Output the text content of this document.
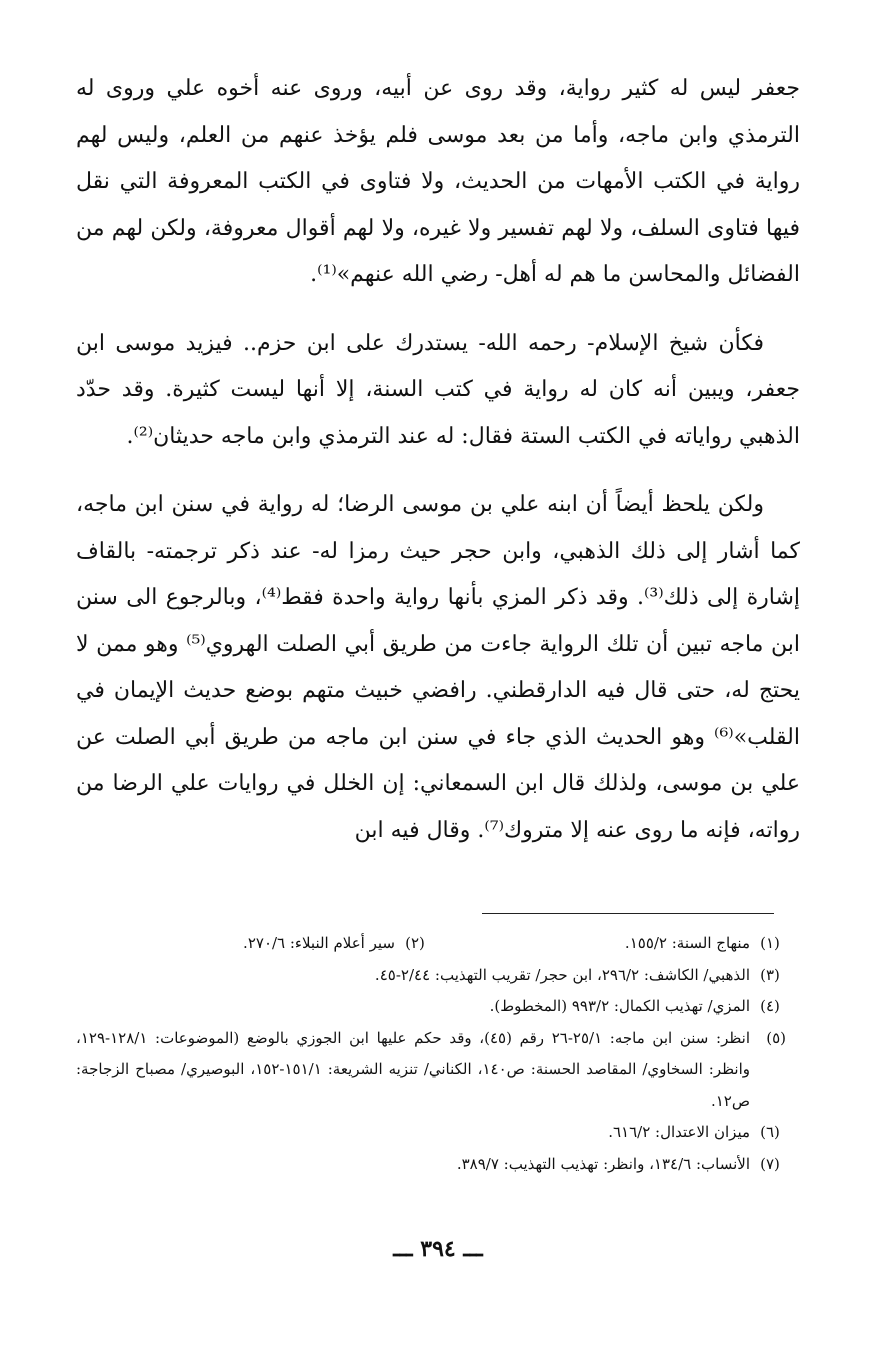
جعفر ليس له كثير رواية، وقد روى عن أبيه، وروى عنه أخوه علي وروى له الترمذي وابن ماجه، وأما من بعد موسى فلم يؤخذ عنهم من العلم، وليس لهم رواية في الكتب الأمهات من الحديث، ولا فتاوى في الكتب المعروفة التي نقل فيها فتاوى السلف، ولا لهم تفسير ولا غيره، ولا لهم أقوال معروفة، ولكن لهم من الفضائل والمحاسن ما هم له أهل- رضي الله عنهم»⁽¹⁾.

فكأن شيخ الإسلام- رحمه الله- يستدرك على ابن حزم.. فيزيد موسى ابن جعفر، ويبين أنه كان له رواية في كتب السنة، إلا أنها ليست كثيرة. وقد حدّد الذهبي رواياته في الكتب الستة فقال: له عند الترمذي وابن ماجه حديثان⁽²⁾.

ولكن يلحظ أيضاً أن ابنه علي بن موسى الرضا؛ له رواية في سنن ابن ماجه، كما أشار إلى ذلك الذهبي، وابن حجر حيث رمزا له- عند ذكر ترجمته- بالقاف إشارة إلى ذلك⁽³⁾. وقد ذكر المزي بأنها رواية واحدة فقط⁽⁴⁾، وبالرجوع الى سنن ابن ماجه تبين أن تلك الرواية جاءت من طريق أبي الصلت الهروي⁽⁵⁾ وهو ممن لا يحتج له، حتى قال فيه الدارقطني. رافضي خبيث متهم بوضع حديث الإيمان في القلب»⁽⁶⁾ وهو الحديث الذي جاء في سنن ابن ماجه من طريق أبي الصلت عن علي بن موسى، ولذلك قال ابن السمعاني: إن الخلل في روايات علي الرضا من رواته، فإنه ما روى عنه إلا متروك⁽⁷⁾. وقال فيه ابن

(١)
منهاج السنة: ١٥٥/٢.
(٢)
سير أعلام النبلاء: ٢٧٠/٦.
(٣)
الذهبي/ الكاشف: ٢٩٦/٢، ابن حجر/ تقريب التهذيب: ٢/٤٤-٤٥.
(٤)
المزي/ تهذيب الكمال: ٩٩٣/٢ (المخطوط).
(٥)
انظر: سنن ابن ماجه: ٢٥/١-٢٦ رقم (٤٥)، وقد حكم عليها ابن الجوزي بالوضع (الموضوعات: ١٢٨/١-١٢٩، وانظر: السخاوي/ المقاصد الحسنة: ص١٤٠، الكناني/ تنزيه الشريعة: ١٥١/١-١٥٢، البوصيري/ مصباح الزجاجة: ص١٢.
(٦)
ميزان الاعتدال: ٦١٦/٢.
(٧)
الأنساب: ١٣٤/٦، وانظر: تهذيب التهذيب: ٣٨٩/٧.
ـــ ٣٩٤ ـــ
